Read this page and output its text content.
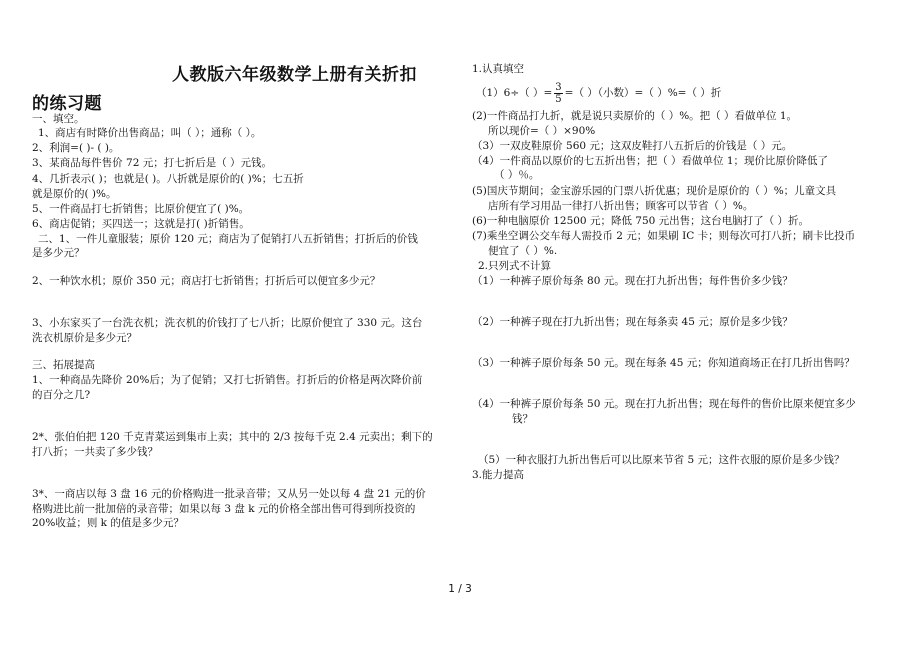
人教版六年级数学上册有关折扣
的练习题
一、填空。
1、商店有时降价出售商品；叫（ ）；通称（ ）。
2、利润=( )- ( )。
3、某商品每件售价 72 元；打七折后是（ ）元钱。
4、几折表示( )；也就是( )。八折就是原价的( )%；七五折
就是原价的( )%。
5、一件商品打七折销售；比原价便宜了( )%。
6、商店促销；买四送一；这就是打( )折销售。
二、1、一件儿童服装；原价 120 元；商店为了促销打八五折销售；打折后的价钱
是多少元？
2、一种饮水机；原价 350 元；商店打七折销售；打折后可以便宜多少元？
3、小东家买了一台洗衣机；洗衣机的价钱打了七八折；比原价便宜了 330 元。这台
洗衣机原价是多少元？
三、拓展提高
1、一种商品先降价 20%后；为了促销；又打七折销售。打折后的价格是两次降价前
的百分之几?
2*、张伯伯把 120 千克青菜运到集市上卖；其中的 2/3 按每千克 2.4 元卖出；剩下的
打八折；一共卖了多少钱？
3*、一商店以每 3 盘 16 元的价格购进一批录音带；又从另一处以每 4 盘 21 元的价
格购进比前一批加倍的录音带；如果以每 3 盘 k 元的价格全部出售可得到所投资的
20%收益；则 k 的值是多少元？
1.认真填空
（1）6÷（ ）= $\frac{3}{5}$ =（ ）（小数）=（ ）%=（ ）折
(2)一件商品打九折，就是说只卖原价的（ ）%。把（ ）看做单位 1。
所以现价=（ ）×90%
（3）一双皮鞋原价 560 元；这双皮鞋打八五折后的价钱是（ ）元。
（4）一件商品以原价的七五折出售；把（ ）看做单位 1；现价比原价降低了
（ ）％。
(5)国庆节期间；金宝游乐园的门票八折优惠；现价是原价的（ ）%；儿童文具
店所有学习用品一律打八折出售；顾客可以节省（ ）%。
(6)一种电脑原价 12500 元；降低 750 元出售；这台电脑打了（ ）折。
(7)乘坐空调公交车每人需投币 2 元；如果刷 IC 卡；则每次可打八折；刷卡比投币
便宜了（ ）%.
2.只列式不计算
（1）一种裤子原价每条 80 元。现在打九折出售；每件售价多少钱？
（2）一种裤子现在打九折出售；现在每条卖 45 元；原价是多少钱？
（3）一种裤子原价每条 50 元。现在每条 45 元；你知道商场正在打几折出售吗？
（4）一种裤子原价每条 50 元。现在打九折出售；现在每件的售价比原来便宜多少
钱？
（5）一种衣服打九折出售后可以比原来节省 5 元；这件衣服的原价是多少钱？
3.能力提高
1 / 3
